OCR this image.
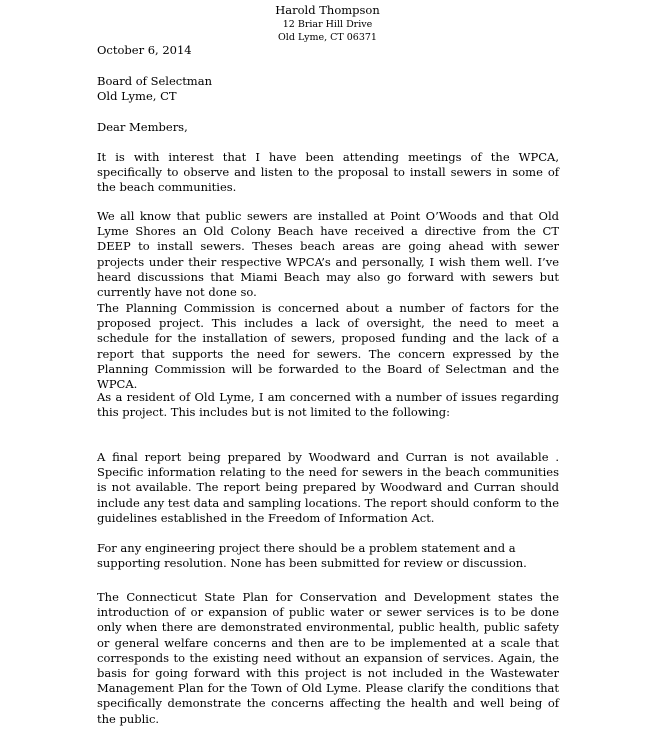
Harold Thompson
12 Briar Hill Drive
Old Lyme, CT 06371
October 6, 2014
Board of Selectman
Old Lyme, CT
Dear Members,
It is with interest that I have been attending meetings of the WPCA, specifically to observe and listen to the proposal to install sewers in some of the beach communities.
We all know that public sewers are installed at Point O’Woods and that Old Lyme Shores an Old Colony Beach have received a directive from the CT DEEP to install sewers. Theses beach areas are going ahead with sewer projects under their respective WPCA’s and personally, I wish them well. I’ve heard discussions that Miami Beach may also go forward with sewers but currently have not done so.
The Planning Commission is concerned about a number of factors for the proposed project. This includes a lack of oversight, the need to meet a schedule for the installation of sewers, proposed funding and the lack of a report that supports the need for sewers. The concern expressed by the Planning Commission will be forwarded to the Board of Selectman and the WPCA.
As a resident of Old Lyme, I am concerned with a number of issues regarding this project. This includes but is not limited to the following:
A final report being prepared by Woodward and Curran is not available . Specific information relating to the need for sewers in the beach communities is not available. The report being prepared by Woodward and Curran should include any test data and sampling locations. The report should conform to the guidelines established in the Freedom of Information Act.
For any engineering project there should be a problem statement and a supporting resolution. None has been submitted for review or discussion.
The Connecticut State Plan for Conservation and Development states the introduction of or expansion of public water or sewer services is to be done only when there are demonstrated environmental, public health, public safety or general welfare concerns and then are to be implemented at a scale that corresponds to the existing need without an expansion of services. Again, the basis for going forward with this project is not included in the Wastewater Management Plan for the Town of Old Lyme. Please clarify the conditions that specifically demonstrate the concerns affecting the health and well being of the public.
